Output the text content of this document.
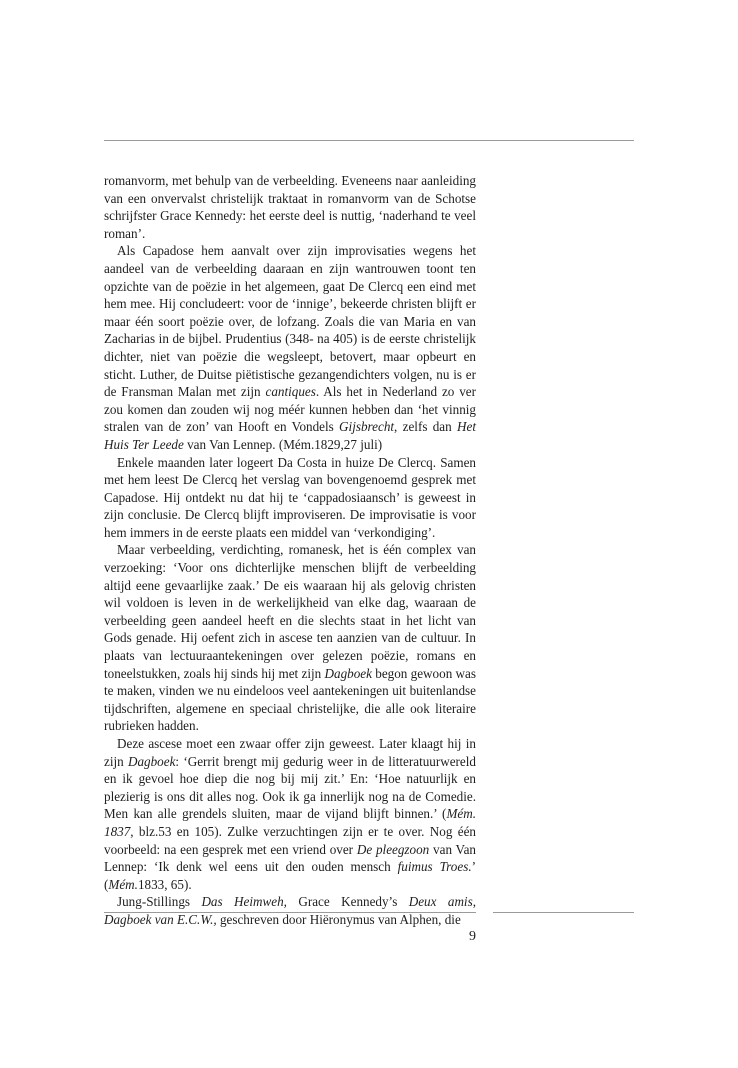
romanvorm, met behulp van de verbeelding. Eveneens naar aanleiding van een onvervalst christelijk traktaat in romanvorm van de Schotse schrijfster Grace Kennedy: het eerste deel is nuttig, ‘naderhand te veel roman’.

Als Capadose hem aanvalt over zijn improvisaties wegens het aandeel van de verbeelding daaraan en zijn wantrouwen toont ten opzichte van de poëzie in het algemeen, gaat De Clercq een eind met hem mee. Hij concludeert: voor de ‘innige’, bekeerde christen blijft er maar één soort poëzie over, de lofzang. Zoals die van Maria en van Zacharias in de bijbel. Prudentius (348- na 405) is de eerste christelijk dichter, niet van poëzie die wegsleept, betovert, maar opbeurt en sticht. Luther, de Duitse piëtistische gezangendichters volgen, nu is er de Fransman Malan met zijn cantiques. Als het in Nederland zo ver zou komen dan zouden wij nog méér kunnen hebben dan ‘het vinnig stralen van de zon’ van Hooft en Vondels Gijsbrecht, zelfs dan Het Huis Ter Leede van Van Lennep. (Mém.1829,27 juli)

Enkele maanden later logeert Da Costa in huize De Clercq. Samen met hem leest De Clercq het verslag van bovengenoemd gesprek met Capadose. Hij ontdekt nu dat hij te ‘cappadosiaansch’ is geweest in zijn conclusie. De Clercq blijft improviseren. De improvisatie is voor hem immers in de eerste plaats een middel van ‘verkondiging’.

Maar verbeelding, verdichting, romanesk, het is één complex van verzoeking: ‘Voor ons dichterlijke menschen blijft de verbeelding altijd eene gevaarlijke zaak.’ De eis waaraan hij als gelovig christen wil voldoen is leven in de werkelijkheid van elke dag, waaraan de verbeelding geen aandeel heeft en die slechts staat in het licht van Gods genade. Hij oefent zich in ascese ten aanzien van de cultuur. In plaats van lectuuraantekeningen over gelezen poëzie, romans en toneelstukken, zoals hij sinds hij met zijn Dagboek begon gewoon was te maken, vinden we nu eindeloos veel aantekeningen uit buitenlandse tijdschriften, algemene en speciaal christelijke, die alle ook literaire rubrieken hadden.

Deze ascese moet een zwaar offer zijn geweest. Later klaagt hij in zijn Dagboek: ‘Gerrit brengt mij gedurig weer in de litteratuurwereld en ik gevoel hoe diep die nog bij mij zit.’ En: ‘Hoe natuurlijk en plezierig is ons dit alles nog. Ook ik ga innerlijk nog na de Comedie. Men kan alle grendels sluiten, maar de vijand blijft binnen.’ (Mém. 1837, blz.53 en 105). Zulke verzuchtingen zijn er te over. Nog één voorbeeld: na een gesprek met een vriend over De pleegzoon van Van Lennep: ‘Ik denk wel eens uit den ouden mensch fuimus Troes.’ (Mém.1833, 65).

Jung-Stillings Das Heimweh, Grace Kennedy’s Deux amis, Dagboek van E.C.W., geschreven door Hiëronymus van Alphen, die

9
